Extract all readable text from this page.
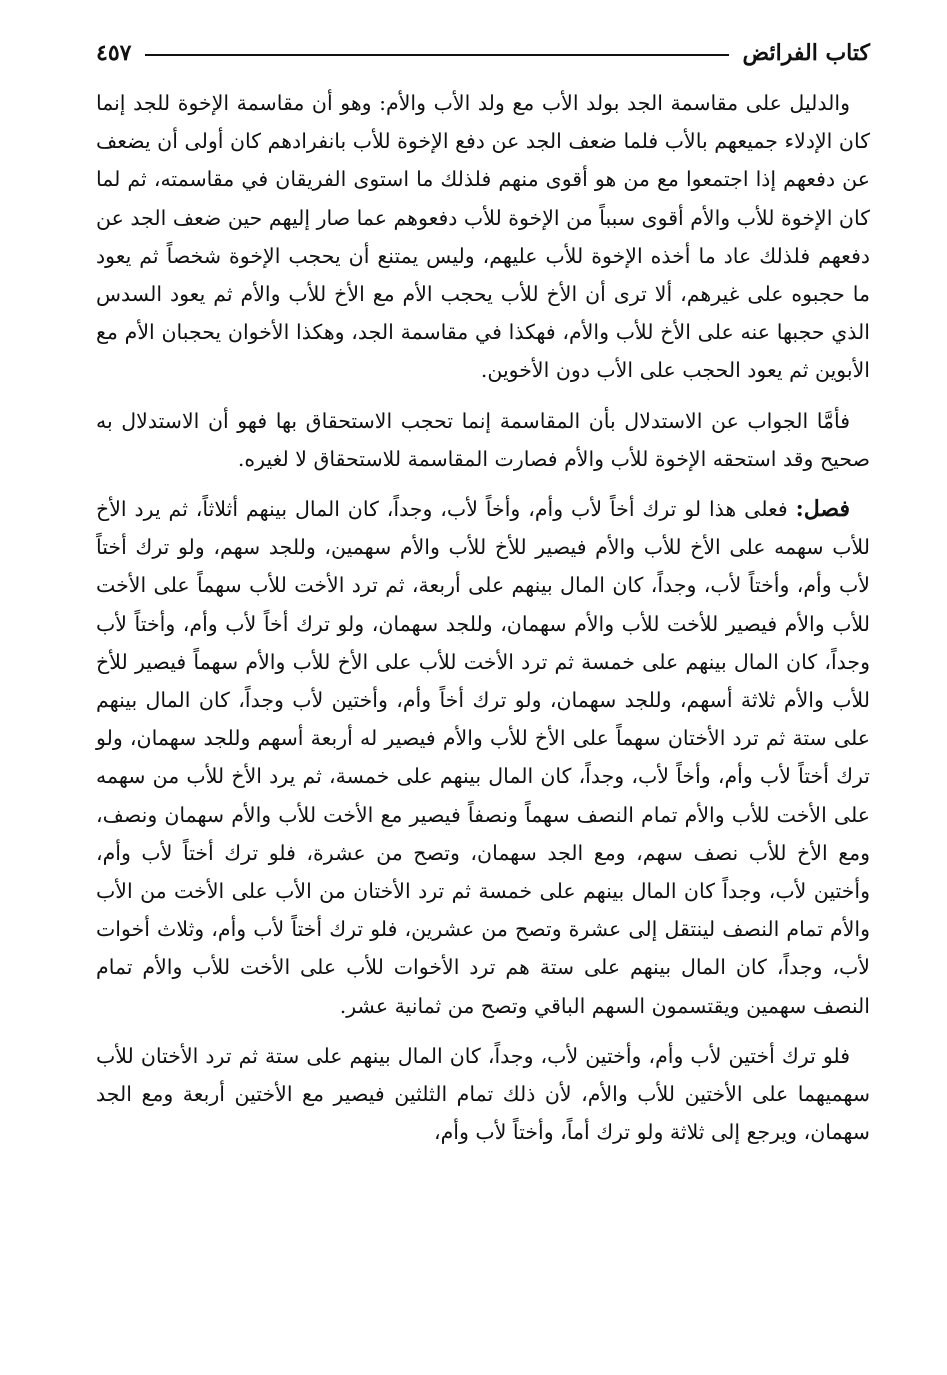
كتاب الفرائض
٤٥٧

والدليل على مقاسمة الجد بولد الأب مع ولد الأب والأم: وهو أن مقاسمة الإخوة للجد إنما كان الإدلاء جميعهم بالأب فلما ضعف الجد عن دفع الإخوة للأب بانفرادهم كان أولى أن يضعف عن دفعهم إذا اجتمعوا مع من هو أقوى منهم فلذلك ما استوى الفريقان في مقاسمته، ثم لما كان الإخوة للأب والأم أقوى سبباً من الإخوة للأب دفعوهم عما صار إليهم حين ضعف الجد عن دفعهم فلذلك عاد ما أخذه الإخوة للأب عليهم، وليس يمتنع أن يحجب الإخوة شخصاً ثم يعود ما حجبوه على غيرهم، ألا ترى أن الأخ للأب يحجب الأم مع الأخ للأب والأم ثم يعود السدس الذي حجبها عنه على الأخ للأب والأم، فهكذا في مقاسمة الجد، وهكذا الأخوان يحجبان الأم مع الأبوين ثم يعود الحجب على الأب دون الأخوين.

فأمَّا الجواب عن الاستدلال بأن المقاسمة إنما تحجب الاستحقاق بها فهو أن الاستدلال به صحيح وقد استحقه الإخوة للأب والأم فصارت المقاسمة للاستحقاق لا لغيره.

فصل: فعلى هذا لو ترك أخاً لأب وأم، وأخاً لأب، وجداً، كان المال بينهم أثلاثاً، ثم يرد الأخ للأب سهمه على الأخ للأب والأم فيصير للأخ للأب والأم سهمين، وللجد سهم، ولو ترك أختاً لأب وأم، وأختاً لأب، وجداً، كان المال بينهم على أربعة، ثم ترد الأخت للأب سهماً على الأخت للأب والأم فيصير للأخت للأب والأم سهمان، وللجد سهمان، ولو ترك أخاً لأب وأم، وأختاً لأب وجداً، كان المال بينهم على خمسة ثم ترد الأخت للأب على الأخ للأب والأم سهماً فيصير للأخ للأب والأم ثلاثة أسهم، وللجد سهمان، ولو ترك أخاً وأم، وأختين لأب وجداً، كان المال بينهم على ستة ثم ترد الأختان سهماً على الأخ للأب والأم فيصير له أربعة أسهم وللجد سهمان، ولو ترك أختاً لأب وأم، وأخاً لأب، وجداً، كان المال بينهم على خمسة، ثم يرد الأخ للأب من سهمه على الأخت للأب والأم تمام النصف سهماً ونصفاً فيصير مع الأخت للأب والأم سهمان ونصف، ومع الأخ للأب نصف سهم، ومع الجد سهمان، وتصح من عشرة، فلو ترك أختاً لأب وأم، وأختين لأب، وجداً كان المال بينهم على خمسة ثم ترد الأختان من الأب على الأخت من الأب والأم تمام النصف لينتقل إلى عشرة وتصح من عشرين، فلو ترك أختاً لأب وأم، وثلاث أخوات لأب، وجداً، كان المال بينهم على ستة هم ترد الأخوات للأب على الأخت للأب والأم تمام النصف سهمين ويقتسمون السهم الباقي وتصح من ثمانية عشر.

فلو ترك أختين لأب وأم، وأختين لأب، وجداً، كان المال بينهم على ستة ثم ترد الأختان للأب سهميهما على الأختين للأب والأم، لأن ذلك تمام الثلثين فيصير مع الأختين أربعة ومع الجد سهمان، ويرجع إلى ثلاثة ولو ترك أماً، وأختاً لأب وأم،
